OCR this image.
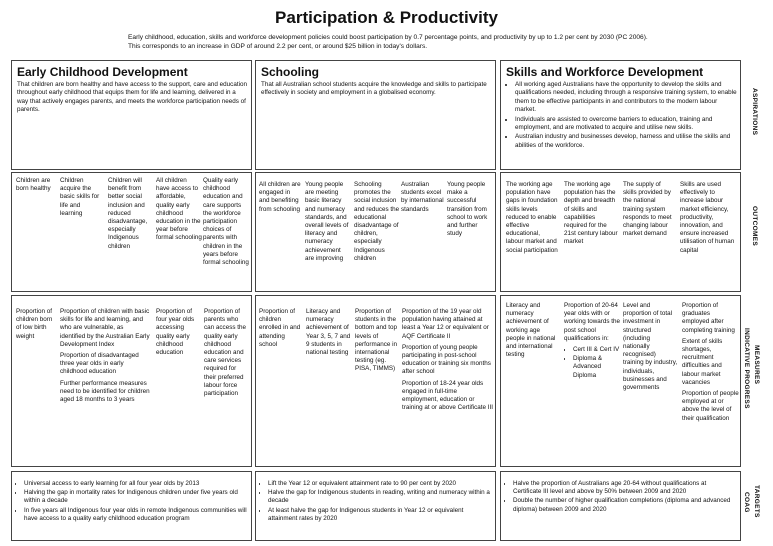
Participation & Productivity
Early childhood, education, skills and workforce development policies could boost participation by 0.7 percentage points, and productivity by up to 1.2 per cent by 2030 (PC 2006). This corresponds to an increase in GDP of around 2.2 per cent, or around $25 billion in today's dollars.
ASPIRATIONS
OUTCOMES
INDICATIVE PROGRESS MEASURES
COAG TARGETS
Early Childhood Development
That children are born healthy and have access to the support, care and education throughout early childhood that equips them for life and learning, delivered in a way that actively engages parents, and meets the workforce participation needs of parents.
Children are born healthy
Children acquire the basic skills for life and learning
Children will benefit from better social inclusion and reduced disadvantage, especially Indigenous children
All children have access to affordable, quality early childhood education in the year before formal schooling
Quality early childhood education and care supports the workforce participation choices of parents with children in the years before formal schooling
Proportion of children born of low birth weight

Proportion of children with basic skills for life and learning, and who are vulnerable, as identified by the Australian Early Development Index

Proportion of disadvantaged three year olds in early childhood education

Further performance measures need to be identified for children aged 18 months to 3 years

Proportion of four year olds accessing quality early childhood education
Proportion of parents who can access the quality early childhood education and care services required for their preferred labour force participation
• Universal access to early learning for all four year olds by 2013
• Halving the gap in mortality rates for Indigenous children under five years old within a decade
• In five years all Indigenous four year olds in remote Indigenous communities will have access to a quality early childhood education program
Schooling
That all Australian school students acquire the knowledge and skills to participate effectively in society and employment in a globalised economy.
All children are engaged in and benefiting from schooling
Young people are meeting basic literacy and numeracy standards, and overall levels of literacy and numeracy achievement are improving
Schooling promotes the social inclusion and reduces the educational disadvantage of children, especially Indigenous children
Australian students excel by international standards
Young people make a successful transition from school to work and further study
Proportion of children enrolled in and attending school
Literacy and numeracy achievement of Year 3, 5, 7 and 9 students in national testing
Proportion of students in the bottom and top levels of performance in international testing (eg. PISA, TIMMS)

Proportion of the 19 year old population having attained at least a Year 12 or equivalent or AQF Certificate II

Proportion of young people participating in post-school education or training six months after school

Proportion of 18-24 year olds engaged in full-time employment, education or training at or above Certificate III

• Lift the Year 12 or equivalent attainment rate to 90 per cent by 2020
• Halve the gap for Indigenous students in reading, writing and numeracy within a decade
• At least halve the gap for Indigenous students in Year 12 or equivalent attainment rates by 2020
Skills and Workforce Development
• All working aged Australians have the opportunity to develop the skills and qualifications needed, including through a responsive training system, to enable them to be effective participants in and contributors to the modern labour market.
• Individuals are assisted to overcome barriers to education, training and employment, and are motivated to acquire and utilise new skills.
• Australian industry and businesses develop, harness and utilise the skills and abilities of the workforce.
The working age population have gaps in foundation skills levels reduced to enable effective educational, labour market and social participation
The working age population has the depth and breadth of skills and capabilities required for the 21st century labour market
The supply of skills provided by the national training system responds to meet changing labour market demand
Skills are used effectively to increase labour market efficiency, productivity, innovation, and ensure increased utilisation of human capital
Literacy and numeracy achievement of working age people in national and international testing

Proportion of 20-64 year olds with or working towards the post school qualifications in:

• Cert III & Cert IV
• Diploma & Advanced Diploma
Level and proportion of total investment in structured (including nationally recognised) training by industry, individuals, businesses and governments

Proportion of graduates employed after completing training

Extent of skills shortages, recruitment difficulties and labour market vacancies

Proportion of people employed at or above the level of their qualification

• Halve the proportion of Australians age 20-64 without qualifications at Certificate III level and above by 50% between 2009 and 2020
• Double the number of higher qualification completions (diploma and advanced diploma) between 2009 and 2020
